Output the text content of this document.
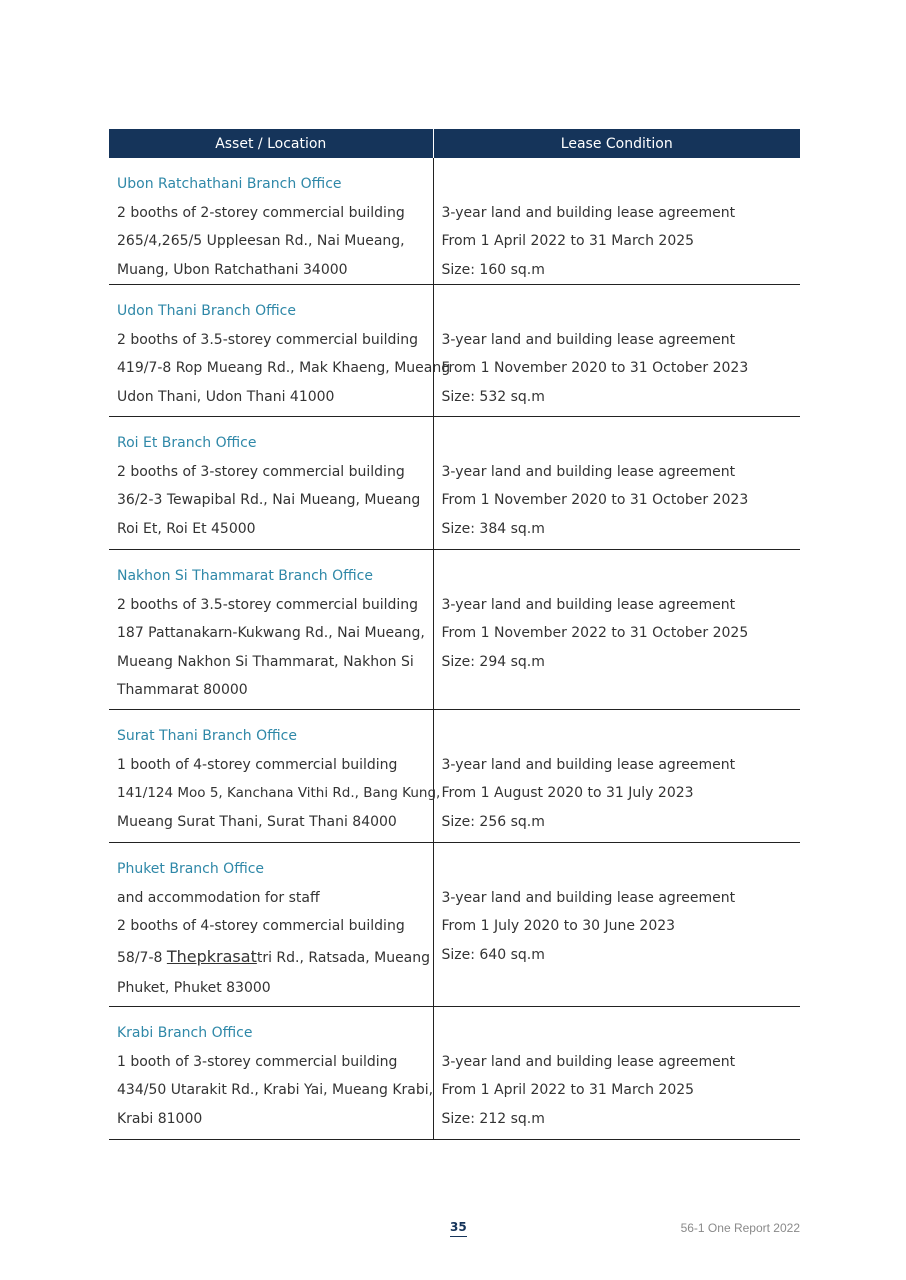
Asset / Location	Lease Condition

Ubon Ratchathani Branch Office
2 booths of 2-storey commercial building
265/4,265/5 Uppleesan Rd., Nai Mueang,
Muang, Ubon Ratchathani 34000	3-year land and building lease agreement
From 1 April 2022 to 31 March 2025
Size: 160 sq.m

Udon Thani Branch Office
2 booths of 3.5-storey commercial building
419/7-8 Rop Mueang Rd., Mak Khaeng, Mueang
Udon Thani, Udon Thani 41000	3-year land and building lease agreement
From 1 November 2020 to 31 October 2023
Size: 532 sq.m

Roi Et Branch Office
2 booths of 3-storey commercial building
36/2-3 Tewapibal Rd., Nai Mueang, Mueang
Roi Et, Roi Et 45000	3-year land and building lease agreement
From 1 November 2020 to 31 October 2023
Size: 384 sq.m

Nakhon Si Thammarat Branch Office
2 booths of 3.5-storey commercial building
187 Pattanakarn-Kukwang Rd., Nai Mueang,
Mueang Nakhon Si Thammarat, Nakhon Si
Thammarat 80000	3-year land and building lease agreement
From 1 November 2022 to 31 October 2025
Size: 294 sq.m

Surat Thani Branch Office
1 booth of 4-storey commercial building
141/124 Moo 5, Kanchana Vithi Rd., Bang Kung,
Mueang Surat Thani, Surat Thani 84000	3-year land and building lease agreement
From 1 August 2020 to 31 July 2023
Size: 256 sq.m

Phuket Branch Office
and accommodation for staff
2 booths of 4-storey commercial building
58/7-8 Thepkrasattri Rd., Ratsada, Mueang
Phuket, Phuket 83000	3-year land and building lease agreement
From 1 July 2020 to 30 June 2023
Size: 640 sq.m

Krabi Branch Office
1 booth of 3-storey commercial building
434/50 Utarakit Rd., Krabi Yai, Mueang Krabi,
Krabi 81000	3-year land and building lease agreement
From 1 April 2022 to 31 March 2025
Size: 212 sq.m
35	56-1 One Report 2022
